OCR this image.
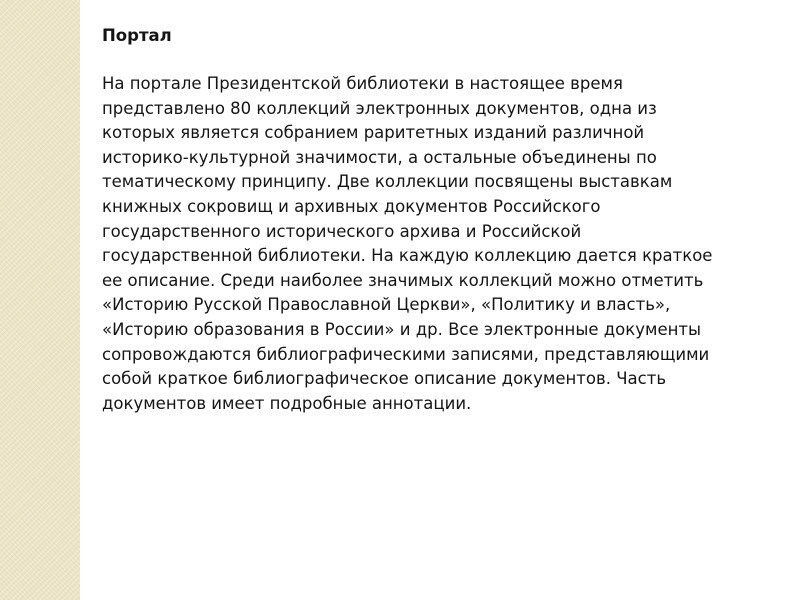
Портал

На портале Президентской библиотеки в настоящее время представлено 80 коллекций электронных документов, одна из которых является собранием раритетных изданий различной историко-культурной значимости, а остальные объединены по тематическому принципу. Две коллекции посвящены выставкам книжных сокровищ и архивных документов Российского государственного исторического архива и Российской государственной библиотеки. На каждую коллекцию дается краткое ее описание. Среди наиболее значимых коллекций можно отметить «Историю Русской Православной Церкви», «Политику и власть», «Историю образования в России» и др. Все электронные документы сопровождаются библиографическими записями, представляющими собой краткое библиографическое описание документов. Часть документов имеет подробные аннотации.
